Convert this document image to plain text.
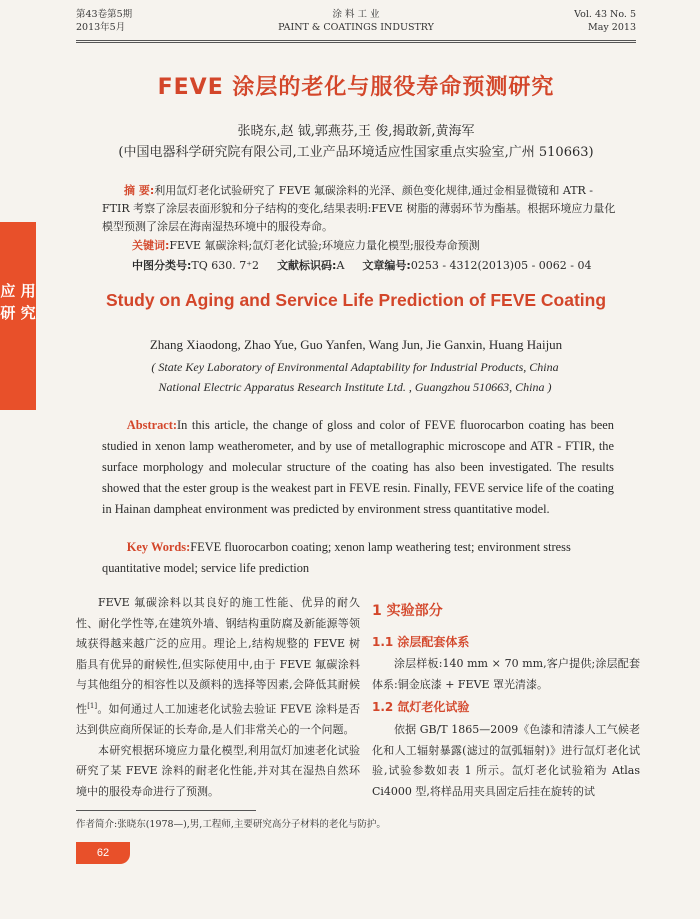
第43卷第5期
2013年5月
涂 料 工 业
PAINT & COATINGS INDUSTRY
Vol. 43 No. 5
May 2013
应 用 研 究
FEVE 涂层的老化与服役寿命预测研究
张晓东,赵 钺,郭燕芬,王 俊,揭敢新,黄海军
(中国电器科学研究院有限公司,工业产品环境适应性国家重点实验室,广州 510663)
摘 要:利用氙灯老化试验研究了 FEVE 氟碳涂料的光泽、颜色变化规律,通过金相显微镜和 ATR - FTIR 考察了涂层表面形貌和分子结构的变化,结果表明:FEVE 树脂的薄弱环节为酯基。根据环境应力量化模型预测了涂层在海南湿热环境中的服役寿命。
关键词:FEVE 氟碳涂料;氙灯老化试验;环境应力量化模型;服役寿命预测
中图分类号:TQ 630. 7⁺2 文献标识码:A 文章编号:0253 - 4312(2013)05 - 0062 - 04
Study on Aging and Service Life Prediction of FEVE Coating
Zhang Xiaodong, Zhao Yue, Guo Yanfen, Wang Jun, Jie Ganxin, Huang Haijun
( State Key Laboratory of Environmental Adaptability for Industrial Products, China National Electric Apparatus Research Institute Ltd. , Guangzhou 510663, China )
Abstract:In this article, the change of gloss and color of FEVE fluorocarbon coating has been studied in xenon lamp weatherometer, and by use of metallographic microscope and ATR - FTIR, the surface morphology and molecular structure of the coating has also been investigated. The results showed that the ester group is the weakest part in FEVE resin. Finally, FEVE service life of the coating in Hainan dampheat environment was predicted by environment stress quantitative model.
Key Words:FEVE fluorocarbon coating; xenon lamp weathering test; environment stress quantitative model; service life prediction

FEVE 氟碳涂料以其良好的施工性能、优异的耐久性、耐化学性等,在建筑外墙、钢结构重防腐及新能源等领域获得越来越广泛的应用。理论上,结构规整的 FEVE 树脂具有优异的耐候性,但实际使用中,由于 FEVE 氟碳涂料与其他组分的相容性以及颜料的选择等因素,会降低其耐候性[1]。如何通过人工加速老化试验去验证 FEVE 涂料是否达到供应商所保证的长寿命,是人们非常关心的一个问题。

本研究根据环境应力量化模型,利用氙灯加速老化试验研究了某 FEVE 涂料的耐老化性能,并对其在湿热自然环境中的服役寿命进行了预测。

1 实验部分
1.1 涂层配套体系

涂层样板:140 mm × 70 mm,客户提供;涂层配套体系:铜金底漆 + FEVE 罩光清漆。

1.2 氙灯老化试验

依据 GB/T 1865—2009《色漆和清漆人工气候老化和人工辐射暴露(滤过的氙弧辐射)》进行氙灯老化试验,试验参数如表 1 所示。氙灯老化试验箱为 Atlas Ci4000 型,将样品用夹具固定后挂在旋转的试

作者简介:张晓东(1978—),男,工程师,主要研究高分子材料的老化与防护。
62
